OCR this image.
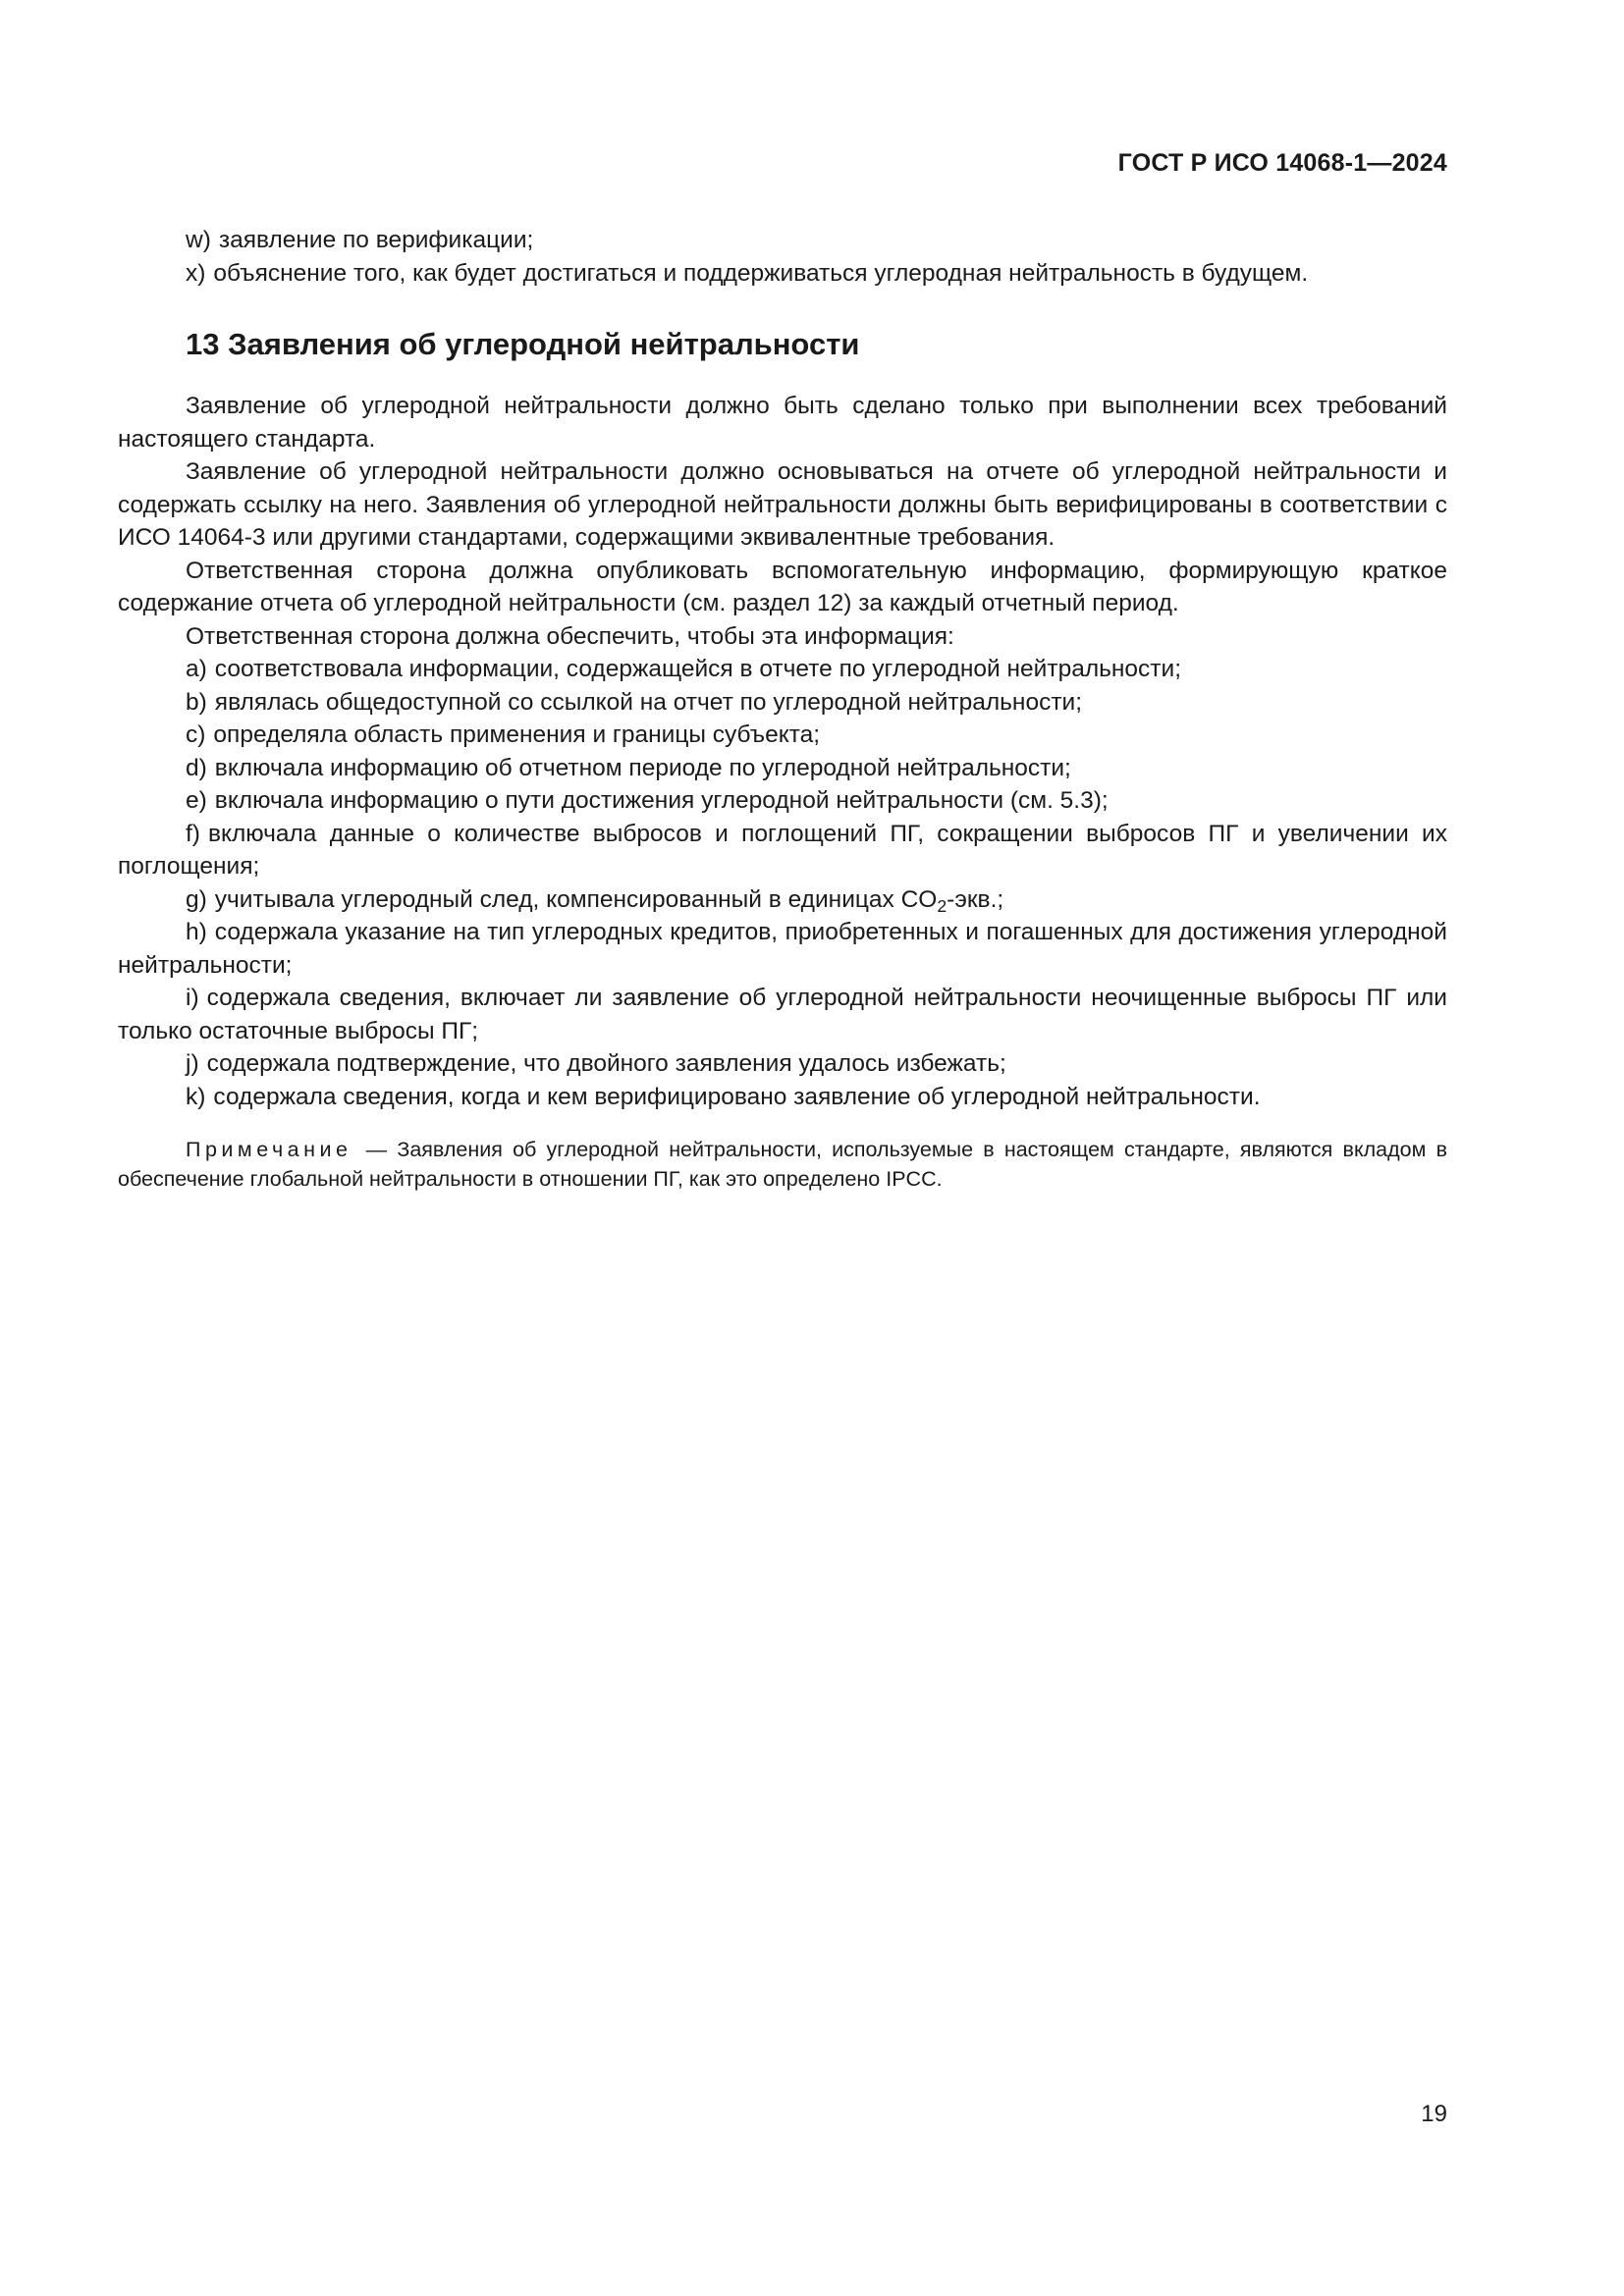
ГОСТ Р ИСО 14068-1—2024

w) заявление по верификации;

x) объяснение того, как будет достигаться и поддерживаться углеродная нейтральность в будущем.

13 Заявления об углеродной нейтральности

Заявление об углеродной нейтральности должно быть сделано только при выполнении всех требований настоящего стандарта.

Заявление об углеродной нейтральности должно основываться на отчете об углеродной нейтральности и содержать ссылку на него. Заявления об углеродной нейтральности должны быть верифицированы в соответствии с ИСО 14064-3 или другими стандартами, содержащими эквивалентные требования.

Ответственная сторона должна опубликовать вспомогательную информацию, формирующую краткое содержание отчета об углеродной нейтральности (см. раздел 12) за каждый отчетный период.

Ответственная сторона должна обеспечить, чтобы эта информация:

a) соответствовала информации, содержащейся в отчете по углеродной нейтральности;

b) являлась общедоступной со ссылкой на отчет по углеродной нейтральности;

c) определяла область применения и границы субъекта;

d) включала информацию об отчетном периоде по углеродной нейтральности;

e) включала информацию о пути достижения углеродной нейтральности (см. 5.3);

f) включала данные о количестве выбросов и поглощений ПГ, сокращении выбросов ПГ и увеличении их поглощения;

g) учитывала углеродный след, компенсированный в единицах $CO_2$-экв.;

h) содержала указание на тип углеродных кредитов, приобретенных и погашенных для достижения углеродной нейтральности;

i) содержала сведения, включает ли заявление об углеродной нейтральности неочищенные выбросы ПГ или только остаточные выбросы ПГ;

j) содержала подтверждение, что двойного заявления удалось избежать;

k) содержала сведения, когда и кем верифицировано заявление об углеродной нейтральности.

Примечание — Заявления об углеродной нейтральности, используемые в настоящем стандарте, являются вкладом в обеспечение глобальной нейтральности в отношении ПГ, как это определено IPCC.

19
